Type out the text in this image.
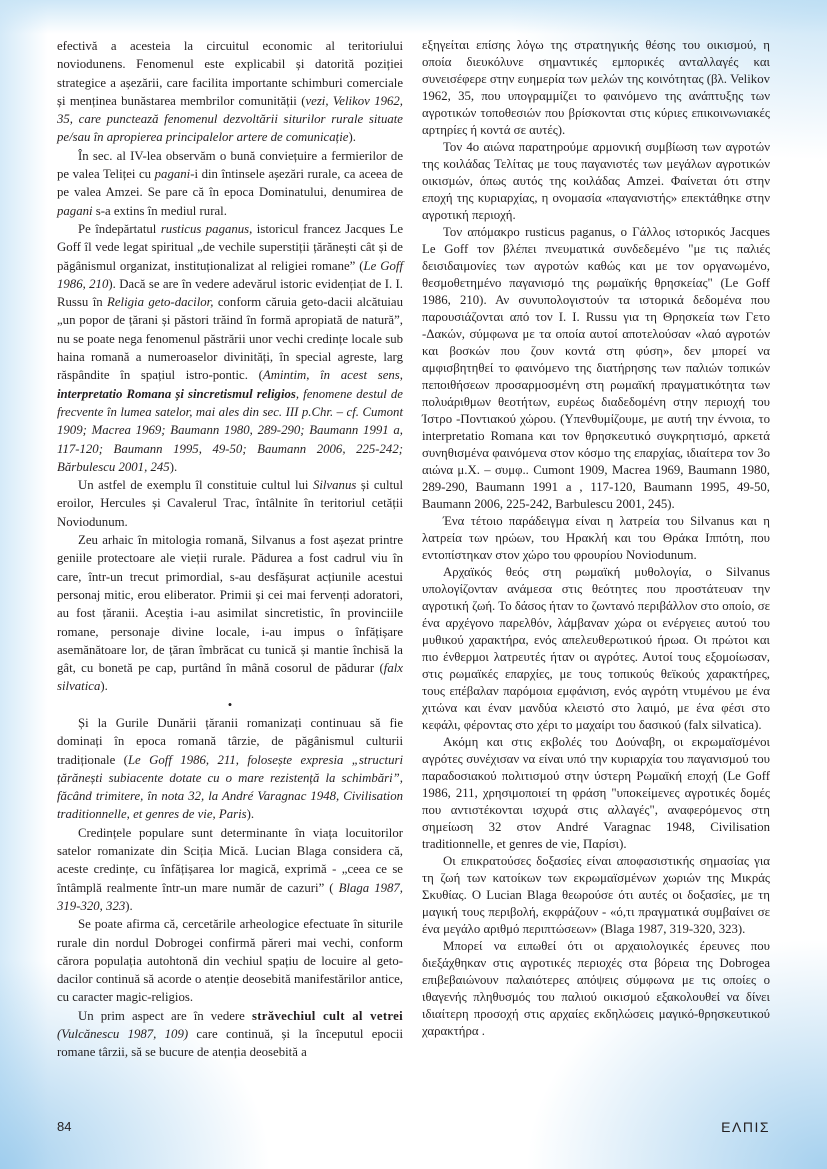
efectivă a acesteia la circuitul economic al teritoriului noviodunens. Fenomenul este explicabil și datorită poziției strategice a așezării, care facilita importante schimburi comerciale și menținea bunăstarea membrilor comunității (vezi, Velikov 1962, 35, care punctează fenomenul dezvoltării siturilor rurale situate pe/sau în apropierea principalelor artere de comunicație).

În sec. al IV-lea observăm o bună conviețuire a fermierilor de pe valea Teliței cu pagani-i din întinsele așezări rurale, ca aceea de pe valea Amzei. Se pare că în epoca Dominatului, denumirea de pagani s-a extins în mediul rural.

Pe îndepărtatul rusticus paganus, istoricul francez Jacques Le Goff îl vede legat spiritual „de vechile superstiții țărănești cât și de păgânismul organizat, instituționalizat al religiei romane” (Le Goff 1986, 210). Dacă se are în vedere adevărul istoric evidențiat de I. I. Russu în Religia geto-dacilor, conform căruia geto-dacii alcătuiau „un popor de țărani și păstori trăind în formă apropiată de natură”, nu se poate nega fenomenul păstrării unor vechi credințe locale sub haina romană a numeroaselor divinități, în special agreste, larg răspândite în spațiul istro-pontic. (Amintim, în acest sens, interpretatio Romana și sincretismul religios, fenomene destul de frecvente în lumea satelor, mai ales din sec. III p.Chr. – cf. Cumont 1909; Macrea 1969; Baumann 1980, 289-290; Baumann 1991 a, 117-120; Baumann 1995, 49-50; Baumann 2006, 225-242; Bărbulescu 2001, 245).

Un astfel de exemplu îl constituie cultul lui Silvanus și cultul eroilor, Hercules și Cavalerul Trac, întâlnite în teritoriul cetății Noviodunum.

Zeu arhaic în mitologia romană, Silvanus a fost așezat printre geniile protectoare ale vieții rurale. Pădurea a fost cadrul viu în care, într-un trecut primordial, s-au desfășurat acțiunile acestui personaj mitic, erou eliberator. Primii și cei mai fervenți adoratori, au fost țăranii. Aceștia i-au asimilat sincretistic, în provinciile romane, personaje divine locale, i-au impus o înfățișare asemănătoare lor, de țăran îmbrăcat cu tunică și mantie închisă la gât, cu bonetă pe cap, purtând în mână cosorul de pădurar (falx silvatica).

•

Și la Gurile Dunării țăranii romanizați continuau să fie dominați în epoca romană târzie, de păgânismul culturii tradiționale (Le Goff 1986, 211, folosește expresia „structuri țărănești subiacente dotate cu o mare rezistență la schimbări”, făcând trimitere, în nota 32, la André Varagnac 1948, Civilisation traditionnelle, et genres de vie, Paris).

Credințele populare sunt determinante în viața locuitorilor satelor romanizate din Sciția Mică. Lucian Blaga considera că, aceste credințe, cu înfățișarea lor magică, exprimă - „ceea ce se întâmplă realmente într-un mare număr de cazuri” ( Blaga 1987, 319-320, 323).

Se poate afirma că, cercetările arheologice efectuate în siturile rurale din nordul Dobrogei confirmă păreri mai vechi, conform cărora populația autohtonă din vechiul spațiu de locuire al geto-dacilor continuă să acorde o atenție deosebită manifestărilor antice, cu caracter magic-religios.

Un prim aspect are în vedere străvechiul cult al vetrei (Vulcănescu 1987, 109) care continuă, și la începutul epocii romane târzii, să se bucure de atenția deosebită a

εξηγείται επίσης λόγω της στρατηγικής θέσης του οικισμού, η οποία διευκόλυνε σημαντικές εμπορικές ανταλλαγές και συνεισέφερε στην ευημερία των μελών της κοινότητας (βλ. Velikov 1962, 35, που υπογραμμίζει το φαινόμενο της ανάπτυξης των αγροτικών τοποθεσιών που βρίσκονται στις κύριες επικοινωνιακές αρτηρίες ή κοντά σε αυτές).

Τον 4ο αιώνα παρατηρούμε αρμονική συμβίωση των αγροτών της κοιλάδας Τελίτας με τους παγανιστές των μεγάλων αγροτικών οικισμών, όπως αυτός της κοιλάδας Amzei. Φαίνεται ότι στην εποχή της κυριαρχίας, η ονομασία «παγανιστής» επεκτάθηκε στην αγροτική περιοχή.

Τον απόμακρο rusticus paganus, ο Γάλλος ιστορικός Jacques Le Goff τον βλέπει πνευματικά συνδεδεμένο "με τις παλιές δεισιδαιμονίες των αγροτών καθώς και με τον οργανωμένο, θεσμοθετημένο παγανισμό της ρωμαϊκής θρησκείας" (Le Goff 1986, 210). Αν συνυπολογιστούν τα ιστορικά δεδομένα που παρουσιάζονται από τον I. I. Russu για τη Θρησκεία των Γετο -Δακών, σύμφωνα με τα οποία αυτοί αποτελούσαν «λαό αγροτών και βοσκών που ζουν κοντά στη φύση», δεν μπορεί να αμφισβητηθεί το φαινόμενο της διατήρησης των παλιών τοπικών πεποιθήσεων προσαρμοσμένη στη ρωμαϊκή πραγματικότητα των πολυάριθμων θεοτήτων, ευρέως διαδεδομένη στην περιοχή του Ίστρο -Ποντιακού χώρου. (Υπενθυμίζουμε, με αυτή την έννοια, το interpretatio Romana και τον θρησκευτικό συγκρητισμό, αρκετά συνηθισμένα φαινόμενα στον κόσμο της επαρχίας, ιδιαίτερα τον 3ο αιώνα μ.Χ. – συμφ.. Cumont 1909, Macrea 1969, Baumann 1980, 289-290, Baumann 1991 a , 117-120, Baumann 1995, 49-50, Baumann 2006, 225-242, Barbulescu 2001, 245).

Ένα τέτοιο παράδειγμα είναι η λατρεία του Silvanus και η λατρεία των ηρώων, του Ηρακλή και του Θράκα Ιππότη, που εντοπίστηκαν στον χώρο του φρουρίου Noviodunum.

Αρχαϊκός θεός στη ρωμαϊκή μυθολογία, ο Silvanus υπολογίζονταν ανάμεσα στις θεότητες που προστάτευαν την αγροτική ζωή. Το δάσος ήταν το ζωντανό περιβάλλον στο οποίο, σε ένα αρχέγονο παρελθόν, λάμβαναν χώρα οι ενέργειες αυτού του μυθικού χαρακτήρα, ενός απελευθερωτικού ήρωα. Οι πρώτοι και πιο ένθερμοι λατρευτές ήταν οι αγρότες. Αυτοί τους εξομοίωσαν, στις ρωμαϊκές επαρχίες, με τους τοπικούς θεϊκούς χαρακτήρες, τους επέβαλαν παρόμοια εμφάνιση, ενός αγρότη ντυμένου με ένα χιτώνα και έναν μανδύα κλειστό στο λαιμό, με ένα φέσι στο κεφάλι, φέροντας στο χέρι το μαχαίρι του δασικού (falx silvatica).

Ακόμη και στις εκβολές του Δούναβη, οι εκρωμαϊσμένοι αγρότες συνέχισαν να είναι υπό την κυριαρχία του παγανισμού του παραδοσιακού πολιτισμού στην ύστερη Ρωμαϊκή εποχή (Le Goff 1986, 211, χρησιμοποιεί τη φράση "υποκείμενες αγροτικές δομές που αντιστέκονται ισχυρά στις αλλαγές", αναφερόμενος στη σημείωση 32 στον André Varagnac 1948, Civilisation traditionnelle, et genres de vie, Παρίσι).

Οι επικρατούσες δοξασίες είναι αποφασιστικής σημασίας για τη ζωή των κατοίκων των εκρωμαϊσμένων χωριών της Μικράς Σκυθίας. Ο Lucian Blaga θεωρούσε ότι αυτές οι δοξασίες, με τη μαγική τους περιβολή, εκφράζουν - «ό,τι πραγματικά συμβαίνει σε ένα μεγάλο αριθμό περιπτώσεων» (Blaga 1987, 319-320, 323).

Μπορεί να ειπωθεί ότι οι αρχαιολογικές έρευνες που διεξάχθηκαν στις αγροτικές περιοχές στα βόρεια της Dobrogea επιβεβαιώνουν παλαιότερες απόψεις σύμφωνα με τις οποίες ο ιθαγενής πληθυσμός του παλιού οικισμού εξακολουθεί να δίνει ιδιαίτερη προσοχή στις αρχαίες εκδηλώσεις μαγικό-θρησκευτικού χαρακτήρα .

84	ΕΛΠΙΣ
